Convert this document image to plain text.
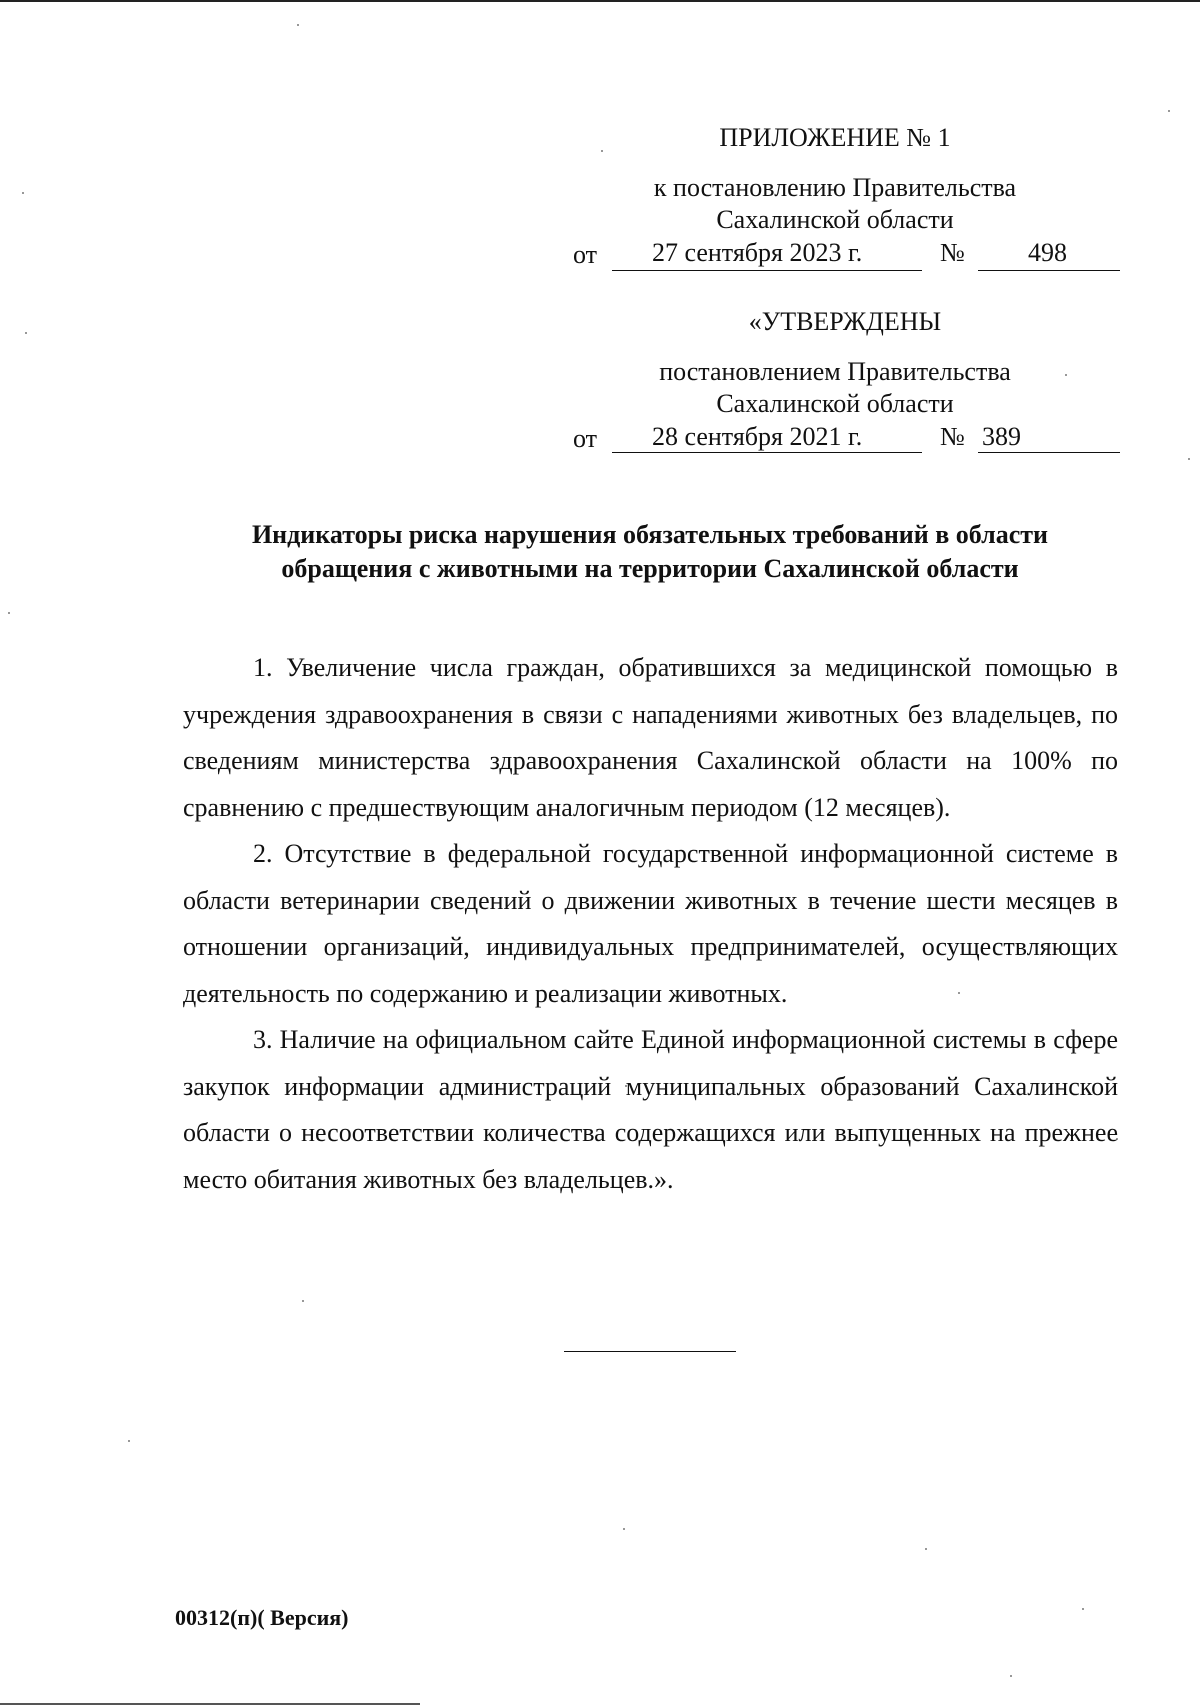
ПРИЛОЖЕНИЕ № 1
к постановлению Правительства
Сахалинской области
от 27 сентября 2023 г.	№ 498
«УТВЕРЖДЕНЫ
постановлением Правительства
Сахалинской области
от 28 сентября 2021 г.	№ 389
Индикаторы риска нарушения обязательных требований в области
обращения с животными на территории Сахалинской области

1. Увеличение числа граждан, обратившихся за медицинской помощью в учреждения здравоохранения в связи с нападениями животных без владельцев, по сведениям министерства здравоохранения Сахалинской области на 100% по сравнению с предшествующим аналогичным периодом (12 месяцев).

2. Отсутствие в федеральной государственной информационной системе в области ветеринарии сведений о движении животных в течение шести месяцев в отношении организаций, индивидуальных предпринимателей, осуществляющих деятельность по содержанию и реализации животных.

3. Наличие на официальном сайте Единой информационной системы в сфере закупок информации администраций муниципальных образований Сахалинской области о несоответствии количества содержащихся или выпущенных на прежнее место обитания животных без владельцев.».

00312(п)( Версия)
